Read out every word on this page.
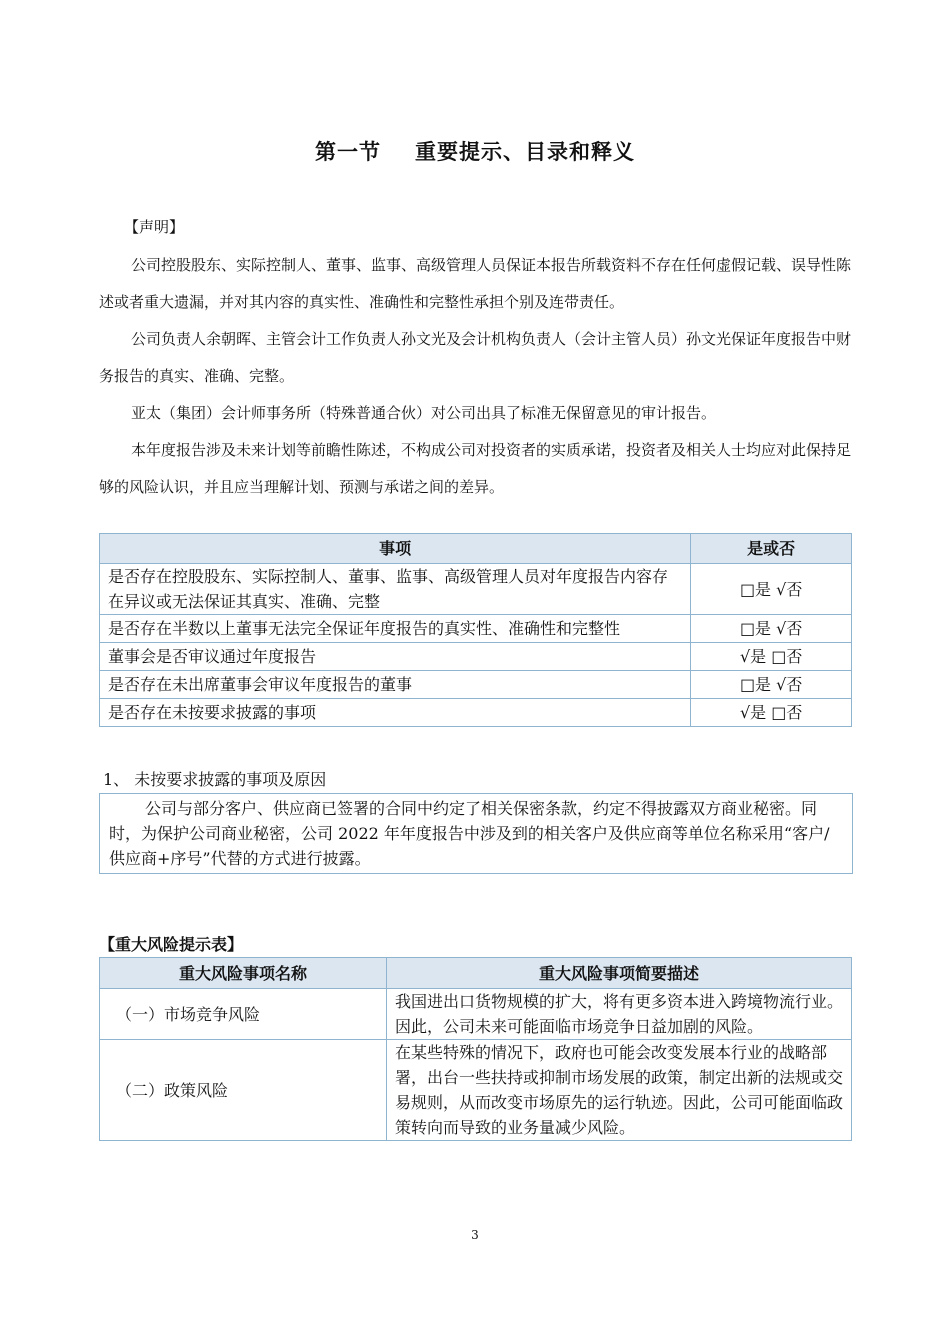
第一节 重要提示、目录和释义
【声明】

公司控股股东、实际控制人、董事、监事、高级管理人员保证本报告所载资料不存在任何虚假记载、误导性陈述或者重大遗漏，并对其内容的真实性、准确性和完整性承担个别及连带责任。

公司负责人余朝晖、主管会计工作负责人孙文光及会计机构负责人（会计主管人员）孙文光保证年度报告中财务报告的真实、准确、完整。

亚太（集团）会计师事务所（特殊普通合伙）对公司出具了标准无保留意见的审计报告。

本年度报告涉及未来计划等前瞻性陈述，不构成公司对投资者的实质承诺，投资者及相关人士均应对此保持足够的风险认识，并且应当理解计划、预测与承诺之间的差异。

事项	是或否
是否存在控股股东、实际控制人、董事、监事、高级管理人员对年度报告内容存在异议或无法保证其真实、准确、完整	□是 √否
是否存在半数以上董事无法完全保证年度报告的真实性、准确性和完整性	□是 √否
董事会是否审议通过年度报告	√是 □否
是否存在未出席董事会审议年度报告的董事	□是 √否
是否存在未按要求披露的事项	√是 □否
1、 未按要求披露的事项及原因
公司与部分客户、供应商已签署的合同中约定了相关保密条款，约定不得披露双方商业秘密。同时，为保护公司商业秘密，公司 2022 年年度报告中涉及到的相关客户及供应商等单位名称采用“客户/供应商+序号”代替的方式进行披露。
【重大风险提示表】
重大风险事项名称	重大风险事项简要描述
（一）市场竞争风险	我国进出口货物规模的扩大，将有更多资本进入跨境物流行业。因此，公司未来可能面临市场竞争日益加剧的风险。
（二）政策风险	在某些特殊的情况下，政府也可能会改变发展本行业的战略部署，出台一些扶持或抑制市场发展的政策，制定出新的法规或交易规则，从而改变市场原先的运行轨迹。因此，公司可能面临政策转向而导致的业务量减少风险。
3
